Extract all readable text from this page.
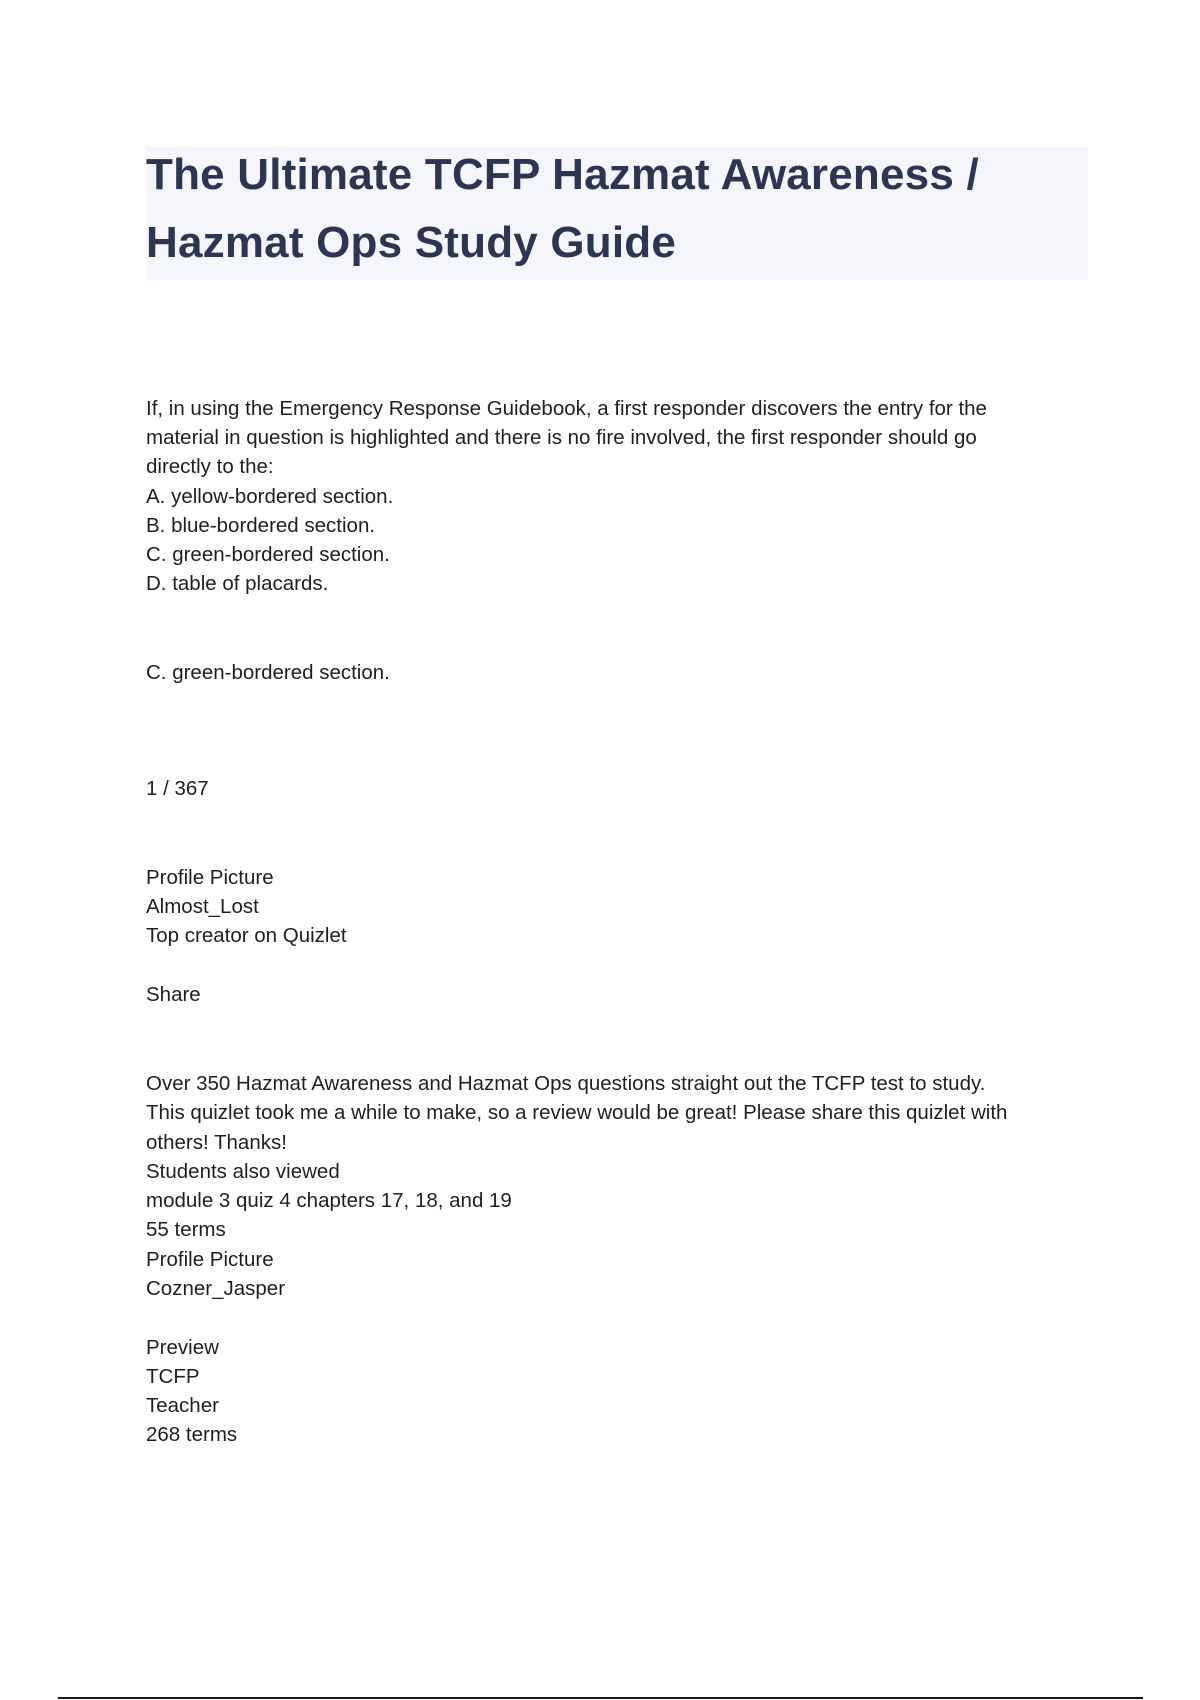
The Ultimate TCFP Hazmat Awareness /
Hazmat Ops Study Guide
If, in using the Emergency Response Guidebook, a first responder discovers the entry for the
material in question is highlighted and there is no fire involved, the first responder should go
directly to the:
A. yellow-bordered section.
B. blue-bordered section.
C. green-bordered section.
D. table of placards.
C. green-bordered section.
1 / 367
Profile Picture
Almost_Lost
Top creator on Quizlet
Share
Over 350 Hazmat Awareness and Hazmat Ops questions straight out the TCFP test to study.
This quizlet took me a while to make, so a review would be great! Please share this quizlet with
others! Thanks!
Students also viewed
module 3 quiz 4 chapters 17, 18, and 19
55 terms
Profile Picture
Cozner_Jasper
Preview
TCFP
Teacher
268 terms
